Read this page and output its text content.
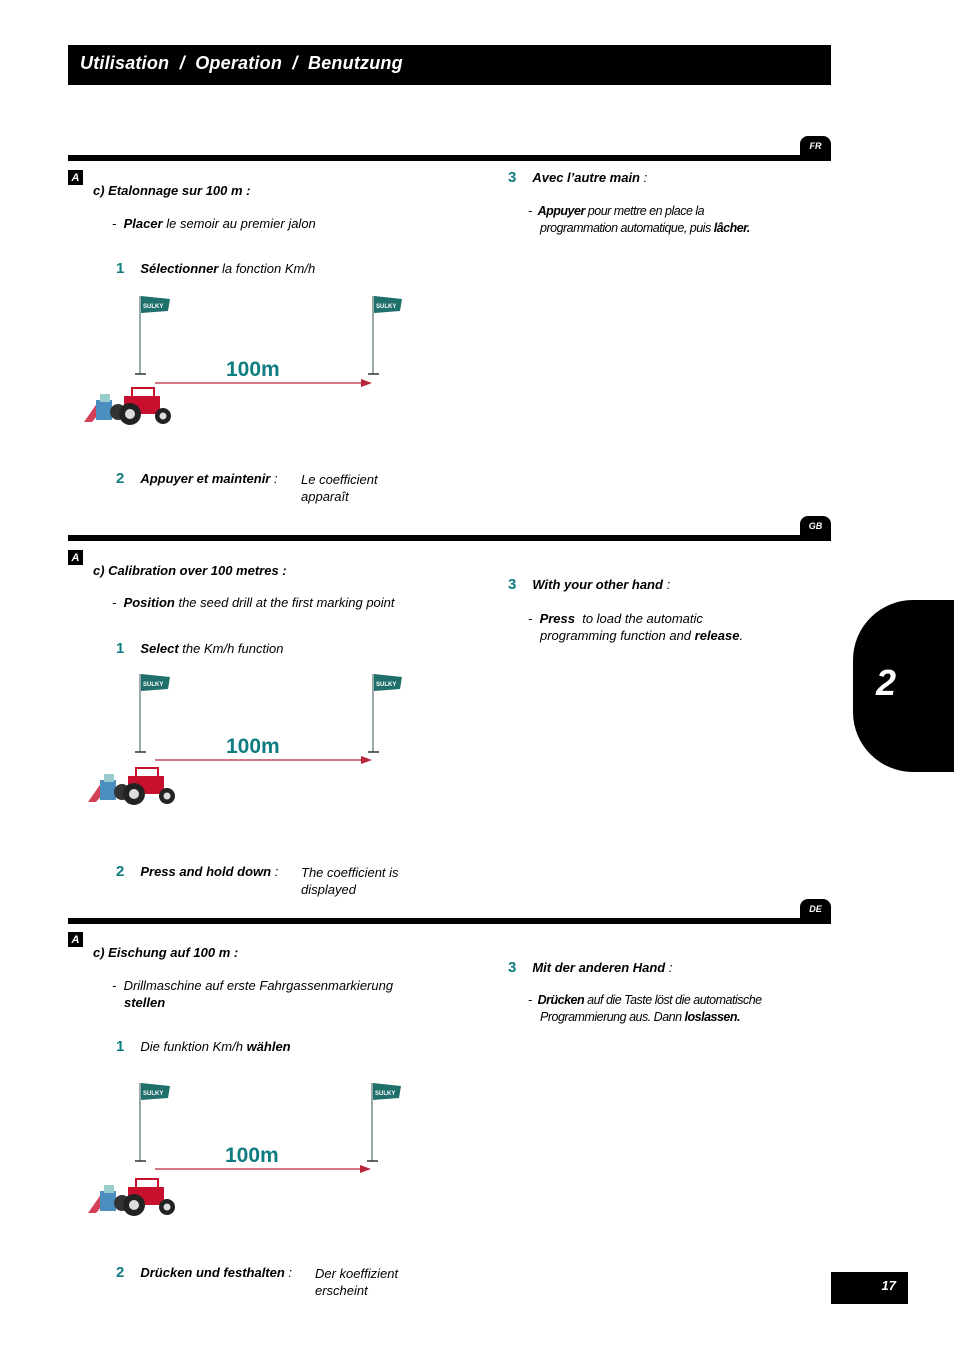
Utilisation  /  Operation  /  Benutzung
2
17
FR
A
c) Etalonnage sur 100 m :
-  Placer le semoir au premier jalon
1 Sélectionner la fonction Km/h
SULKY	SULKY
100m
2 Appuyer et maintenir : Le coefficient
apparaît
3 Avec l’autre main :
-  Appuyer pour mettre en place la
programmation automatique, puis lâcher.
GB
A
c) Calibration over 100 metres :
-  Position the seed drill at the first marking point
1 Select the Km/h function
SULKY	SULKY
100m
2 Press and hold down : The coefficient is
displayed
3 With your other hand :
-  Press  to load the automatic
programming function and release.
DE
A
c) Eischung auf 100 m :
-  Drillmaschine auf erste Fahrgassenmarkierung
stellen
1 Die funktion Km/h wählen
SULKY	SULKY
100m
2 Drücken und festhalten : Der koeffizient
erscheint
3 Mit der anderen Hand :
-  Drücken auf die Taste löst die automatische
Programmierung aus. Dann loslassen.
